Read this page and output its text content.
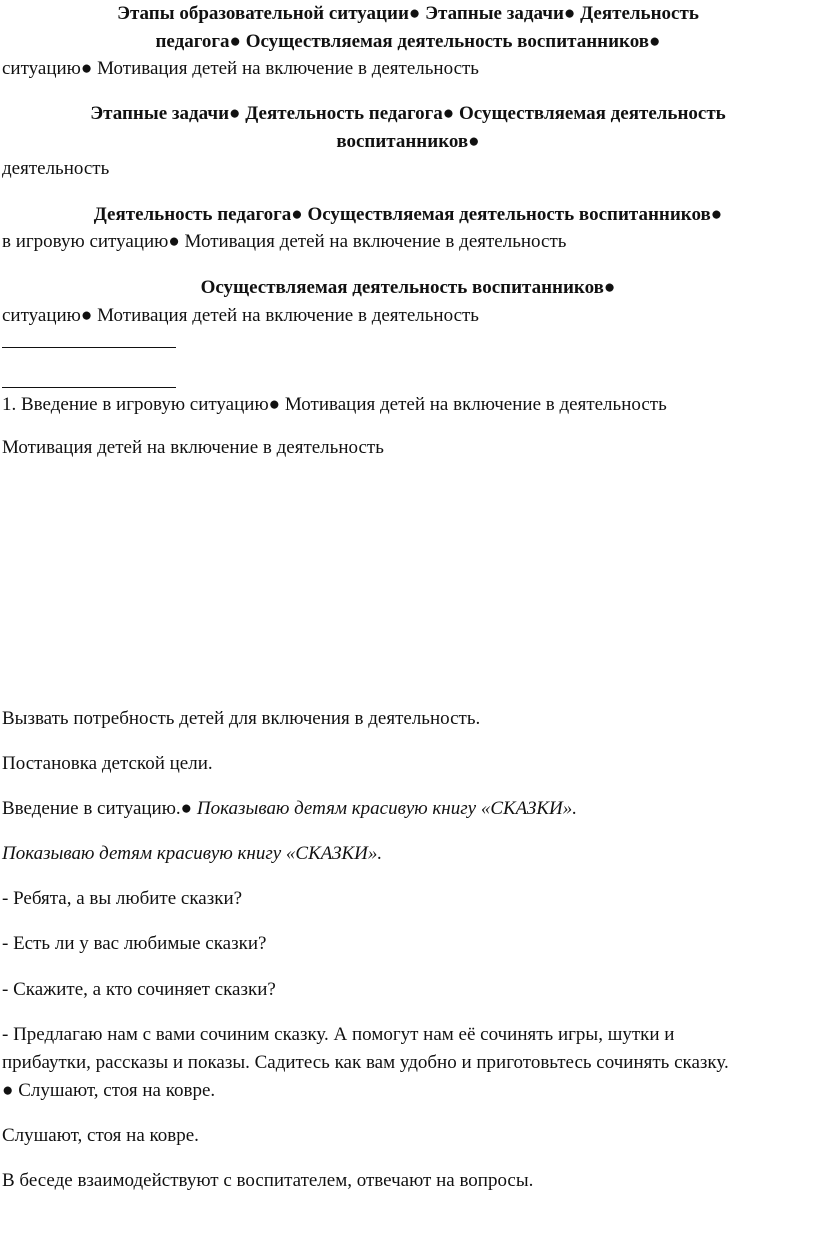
Этапы образовательной ситуации● Этапные задачи● Деятельность
педагога● Осуществляемая деятельность воспитанников●
ситуацию● Мотивация детей на включение в деятельность
Этапные задачи● Деятельность педагога● Осуществляемая деятельность
воспитанников●
деятельность
Деятельность педагога● Осуществляемая деятельность воспитанников●
в игровую ситуацию● Мотивация детей на включение в деятельность
Осуществляемая деятельность воспитанников●
ситуацию● Мотивация детей на включение в деятельность
1. Введение в игровую ситуацию● Мотивация детей на включение в деятельность
Мотивация детей на включение в деятельность
Вызвать потребность детей для включения в деятельность.
Постановка детской цели.
Введение в ситуацию.● Показываю детям красивую книгу «СКАЗКИ».
Показываю детям красивую книгу «СКАЗКИ».
- Ребята, а вы любите сказки?
- Есть ли у вас любимые сказки?
- Скажите, а кто сочиняет сказки?
- Предлагаю нам с вами сочиним сказку. А помогут нам её сочинять игры, шутки и
прибаутки, рассказы и показы. Садитесь как вам удобно и приготовьтесь сочинять сказку.
● Слушают, стоя на ковре.
Слушают, стоя на ковре.
В беседе взаимодействуют с воспитателем, отвечают на вопросы.
